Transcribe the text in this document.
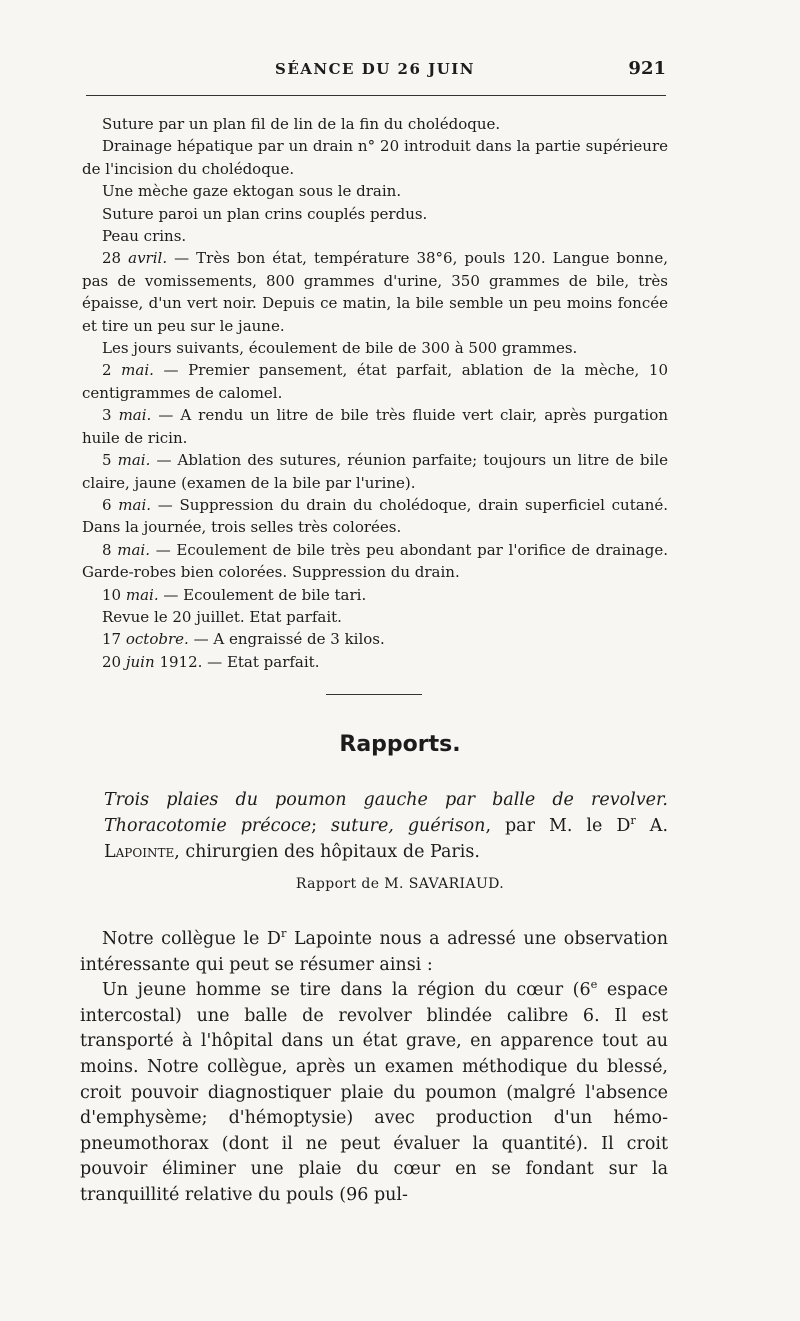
SÉANCE DU 26 JUIN	921

Suture par un plan fil de lin de la fin du cholédoque.

Drainage hépatique par un drain n° 20 introduit dans la partie supérieure de l'incision du cholédoque.

Une mèche gaze ektogan sous le drain.

Suture paroi un plan crins couplés perdus.

Peau crins.

28 avril. — Très bon état, température 38°6, pouls 120. Langue bonne, pas de vomissements, 800 grammes d'urine, 350 grammes de bile, très épaisse, d'un vert noir. Depuis ce matin, la bile semble un peu moins foncée et tire un peu sur le jaune.

Les jours suivants, écoulement de bile de 300 à 500 grammes.

2 mai. — Premier pansement, état parfait, ablation de la mèche, 10 centigrammes de calomel.

3 mai. — A rendu un litre de bile très fluide vert clair, après purgation huile de ricin.

5 mai. — Ablation des sutures, réunion parfaite; toujours un litre de bile claire, jaune (examen de la bile par l'urine).

6 mai. — Suppression du drain du cholédoque, drain superficiel cutané. Dans la journée, trois selles très colorées.

8 mai. — Ecoulement de bile très peu abondant par l'orifice de drainage. Garde-robes bien colorées. Suppression du drain.

10 mai. — Ecoulement de bile tari.

Revue le 20 juillet. Etat parfait.

17 octobre. — A engraissé de 3 kilos.

20 juin 1912. — Etat parfait.

Rapports.

Trois plaies du poumon gauche par balle de revolver. Thoracotomie précoce; suture, guérison, par M. le $D^r$ A. Lapointe, chirurgien des hôpitaux de Paris.

Rapport de M. SAVARIAUD.

Notre collègue le $D^r$ Lapointe nous a adressé une observation intéressante qui peut se résumer ainsi :

Un jeune homme se tire dans la région du cœur (6e espace intercostal) une balle de revolver blindée calibre 6. Il est transporté à l'hôpital dans un état grave, en apparence tout au moins. Notre collègue, après un examen méthodique du blessé, croit pouvoir diagnostiquer plaie du poumon (malgré l'absence d'emphysème; d'hémoptysie) avec production d'un hémo-pneumothorax (dont il ne peut évaluer la quantité). Il croit pouvoir éliminer une plaie du cœur en se fondant sur la tranquillité relative du pouls (96 pul-
